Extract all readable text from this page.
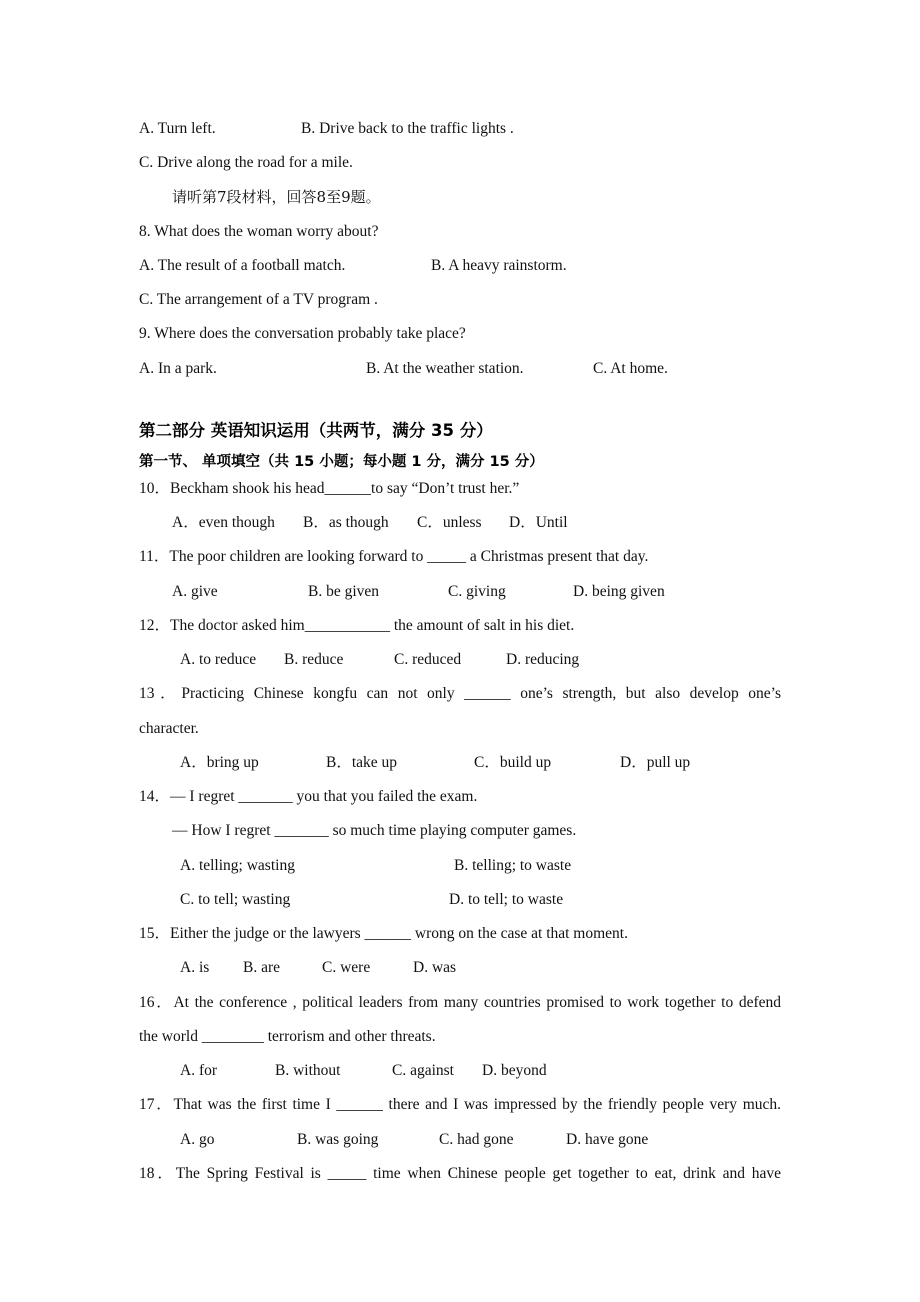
A. Turn left.	B. Drive back to the traffic lights .
C. Drive along the road for a mile.
请听第7段材料，回答8至9题。
8. What does the woman worry about?
A. The result of a football match.	B. A heavy rainstorm.
C. The arrangement of a TV program .
9. Where does the conversation probably take place?
A. In a park.	B. At the weather station.	C. At home.
第二部分 英语知识运用（共两节，满分 35 分）
第一节、 单项填空（共 15 小题；每小题 1 分，满分 15 分）
10．Beckham shook his head______to say “Don’t trust her.”
A．even though B．as though C．unless D．Until
11．The poor children are looking forward to _____ a Christmas present that day.
A. give	B. be given	C. giving	D. being given
12．The doctor asked him___________ the amount of salt in his diet.
A. to reduce B. reduce	C. reduced	D. reducing
13．Practicing Chinese kongfu can not only ______ one’s strength, but also develop one’s
character.
A．bring up	B．take up	C．build up	D．pull up
14．— I regret _______ you that you failed the exam.
— How I regret _______ so much time playing computer games.
A. telling; wasting	B. telling; to waste
C. to tell; wasting	D. to tell; to waste
15．Either the judge or the lawyers ______ wrong on the case at that moment.
A. is B. are	C. were	D. was
16．At the conference , political leaders from many countries promised to work together to defend
the world ________ terrorism and other threats.
A. for	B. without	C. against D. beyond
17．That was the first time I ______ there and I was impressed by the friendly people very much.
A. go	B. was going	C. had gone	D. have gone
18．The Spring Festival is _____ time when Chinese people get together to eat, drink and have
